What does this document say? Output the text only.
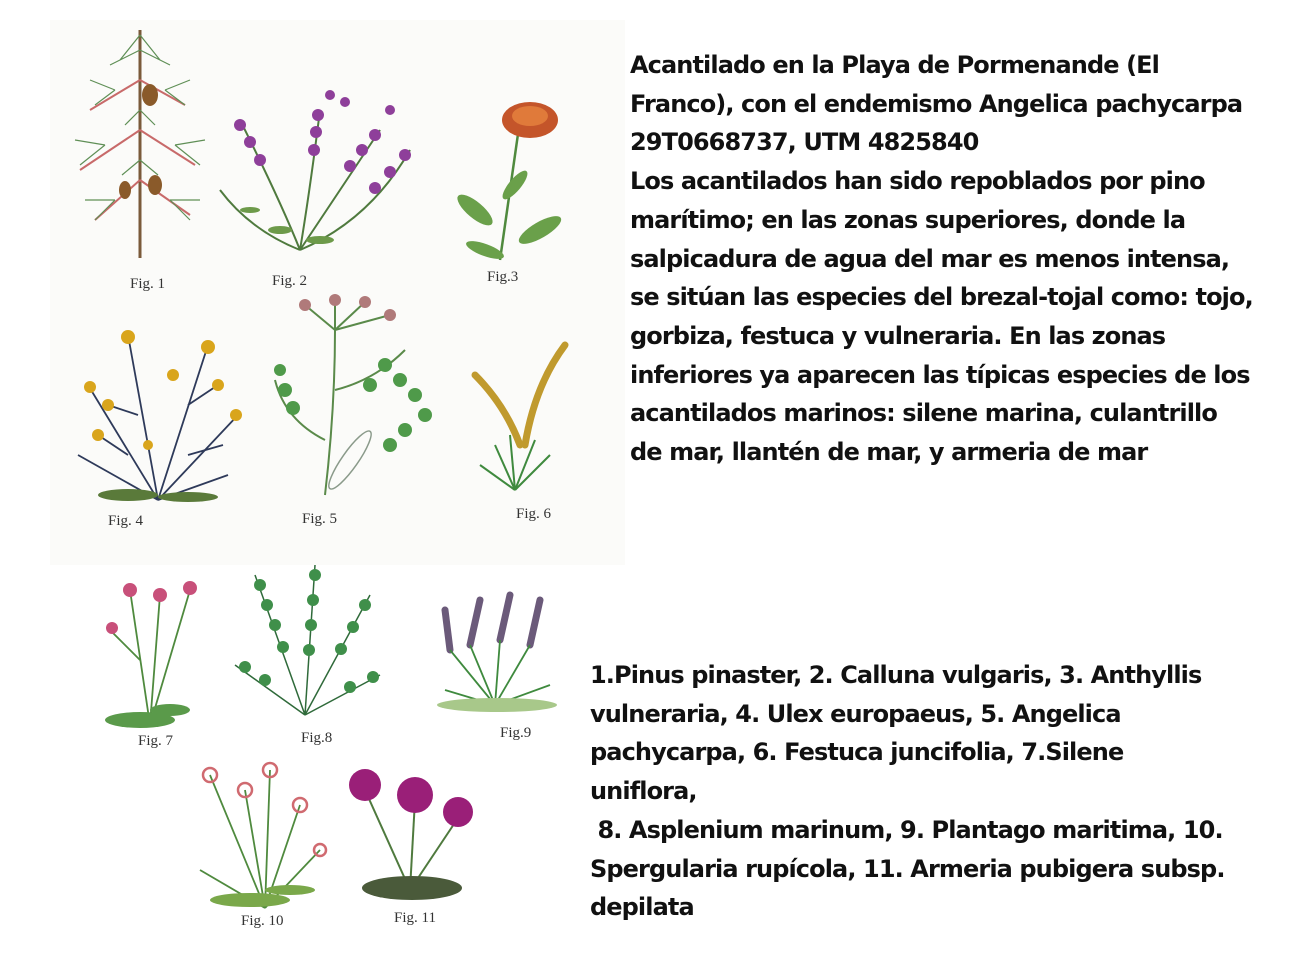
Fig. 1	Fig. 2	Fig.3
Fig. 4	Fig. 5	Fig. 6
Fig. 7	Fig.8	Fig.9
Fig. 10	Fig. 11
Acantilado en la Playa de Pormenande (El
Franco), con el endemismo Angelica pachycarpa
29T0668737, UTM 4825840
Los acantilados han sido repoblados por pino
marítimo; en las zonas superiores, donde la
salpicadura de agua del mar es menos intensa,
se sitúan las especies del brezal-tojal como: tojo,
gorbiza, festuca y vulneraria. En las zonas
inferiores ya aparecen las típicas especies de los
acantilados marinos: silene marina, culantrillo
de mar, llantén de mar, y armeria de mar
1.Pinus pinaster, 2. Calluna vulgaris, 3. Anthyllis
vulneraria, 4. Ulex europaeus, 5. Angelica
pachycarpa, 6. Festuca juncifolia, 7.Silene
uniflora,
8. Asplenium marinum, 9. Plantago maritima, 10.
Spergularia rupícola, 11. Armeria pubigera subsp.
depilata
